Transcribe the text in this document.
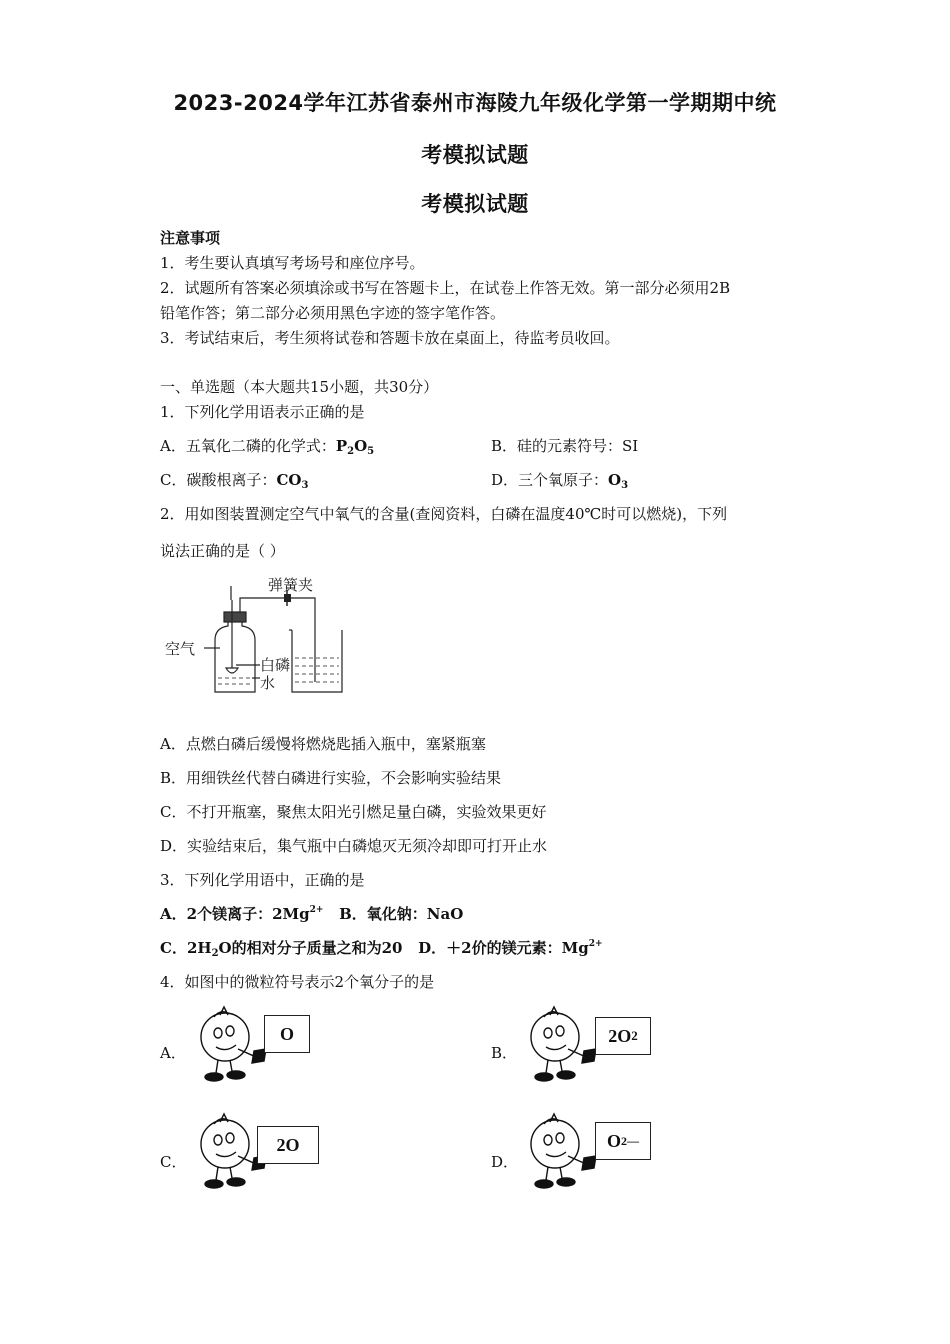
2023-2024学年江苏省泰州市海陵九年级化学第一学期期中统
考模拟试题
考模拟试题
注意事项
1．考生要认真填写考场号和座位序号。
2．试题所有答案必须填涂或书写在答题卡上，在试卷上作答无效。第一部分必须用2B
铅笔作答；第二部分必须用黑色字迹的签字笔作答。
3．考试结束后，考生须将试卷和答题卡放在桌面上，待监考员收回。
一、单选题（本大题共15小题，共30分）
1．下列化学用语表示正确的是
A．五氧化二磷的化学式：$P_2O_5$	B．硅的元素符号：SI
C．碳酸根离子：$CO_3$	D．三个氧原子：$O_3$
2．用如图装置测定空气中氧气的含量(查阅资料，白磷在温度40℃时可以燃烧)，下列
说法正确的是（ ）
弹簧夹
空气
白磷
水
A．点燃白磷后缓慢将燃烧匙插入瓶中，塞紧瓶塞
B．用细铁丝代替白磷进行实验，不会影响实验结果
C．不打开瓶塞，聚焦太阳光引燃足量白磷，实验效果更好
D．实验结束后，集气瓶中白磷熄灭无须冷却即可打开止水
3．下列化学用语中，正确的是
A．2个镁离子：$2Mg^{2+}$ B．氧化钠：NaO
C．$2H_2O$的相对分子质量之和为20 D．＋2价的镁元素：$Mg^{2+}$
4．如图中的微粒符号表示2个氧分子的是
A．
O
B．
2O 2
C．
2O
D．
O 2—
